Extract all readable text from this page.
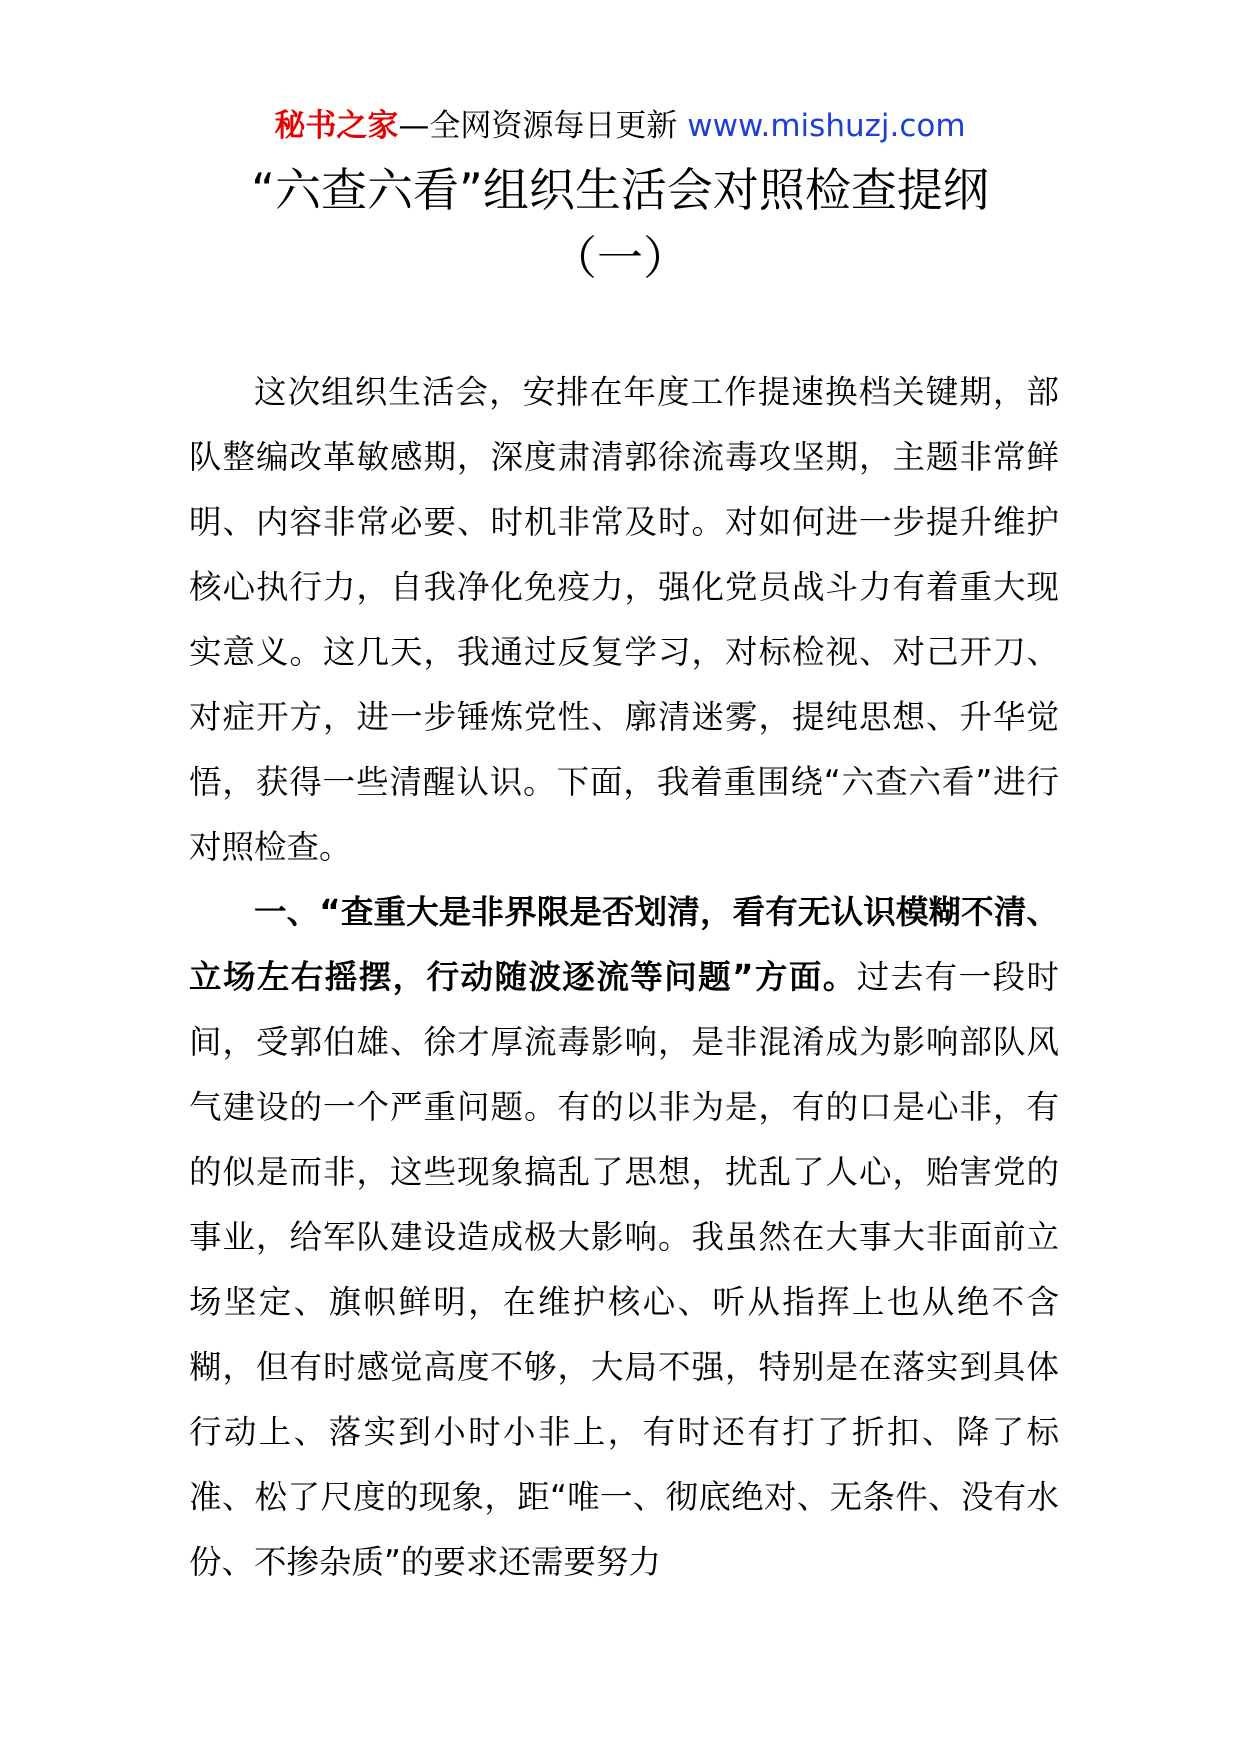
秘书之家—全网资源每日更新 www.mishuzj.com
“六查六看”组织生活会对照检查提纲
（一）

这次组织生活会，安排在年度工作提速换档关键期，部队整编改革敏感期，深度肃清郭徐流毒攻坚期，主题非常鲜明、内容非常必要、时机非常及时。对如何进一步提升维护核心执行力，自我净化免疫力，强化党员战斗力有着重大现实意义。这几天，我通过反复学习，对标检视、对己开刀、对症开方，进一步锤炼党性、廓清迷雾，提纯思想、升华觉悟，获得一些清醒认识。下面，我着重围绕“六查六看”进行对照检查。

一、“查重大是非界限是否划清，看有无认识模糊不清、立场左右摇摆，行动随波逐流等问题”方面。过去有一段时间，受郭伯雄、徐才厚流毒影响，是非混淆成为影响部队风气建设的一个严重问题。有的以非为是，有的口是心非，有的似是而非，这些现象搞乱了思想，扰乱了人心，贻害党的事业，给军队建设造成极大影响。我虽然在大事大非面前立场坚定、旗帜鲜明，在维护核心、听从指挥上也从绝不含糊，但有时感觉高度不够，大局不强，特别是在落实到具体行动上、落实到小时小非上，有时还有打了折扣、降了标准、松了尺度的现象，距“唯一、彻底绝对、无条件、没有水份、不掺杂质”的要求还需要努力
